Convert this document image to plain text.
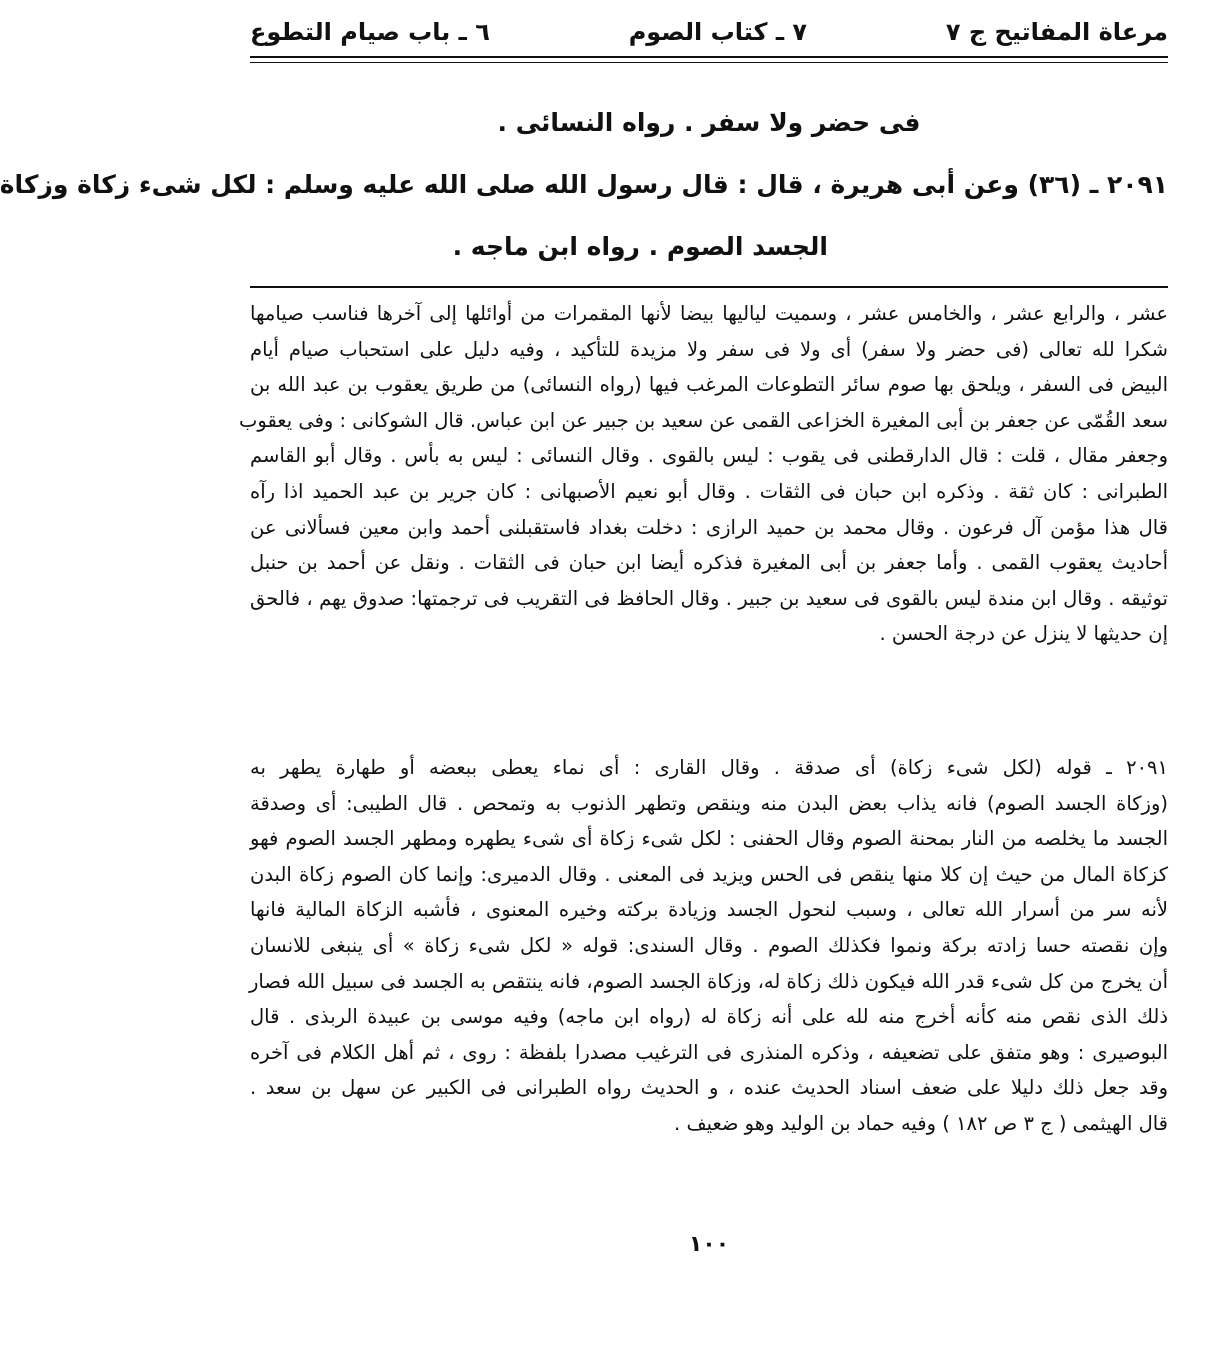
مرعاة المفاتيح ج ٧
٧ ـ كتاب الصوم
٦ ـ باب صيام التطوع
فى حضر ولا سفر . رواه النسائى .
٢٠٩١ ـ (٣٦) وعن أبى هريرة ، قال : قال رسول الله صلى الله عليه وسلم : لكل شىء زكاة وزكاة
الجسد الصوم . رواه ابن ماجه .
عشر ، والرابع عشر ، والخامس عشر ، وسميت لياليها بيضا لأنها المقمرات من أوائلها إلى آخرها فناسب صيامها
شكرا لله تعالى (فى حضر ولا سفر) أى ولا فى سفر ولا مزيدة للتأكيد ، وفيه دليل على استحباب صيام أيام
البيض فى السفر ، ويلحق بها صوم سائر التطوعات المرغب فيها (رواه النسائى) من طريق يعقوب بن عبد الله بن
سعد القُمّى عن جعفر بن أبى المغيرة الخزاعى القمى عن سعيد بن جبير عن ابن عباس. قال الشوكانى : وفى يعقوب
وجعفر مقال ، قلت : قال الدارقطنى فى يقوب : ليس بالقوى . وقال النسائى : ليس به بأس . وقال أبو القاسم
الطبرانى : كان ثقة . وذكره ابن حبان فى الثقات . وقال أبو نعيم الأصبهانى : كان جرير بن عبد الحميد اذا رآه
قال هذا مؤمن آل فرعون . وقال محمد بن حميد الرازى : دخلت بغداد فاستقبلنى أحمد وابن معين فسألانى عن
أحاديث يعقوب القمى . وأما جعفر بن أبى المغيرة فذكره أيضا ابن حبان فى الثقات . ونقل عن أحمد بن حنبل
توثيقه . وقال ابن مندة ليس بالقوى فى سعيد بن جبير . وقال الحافظ فى التقريب فى ترجمتها: صدوق يهم ، فالحق
إن حديثها لا ينزل عن درجة الحسن .
٢٠٩١ ـ قوله (لكل شىء زكاة) أى صدقة . وقال القارى : أى نماء يعطى ببعضه أو طهارة يطهر به
(وزكاة الجسد الصوم) فانه يذاب بعض البدن منه وينقص وتطهر الذنوب به وتمحص . قال الطيبى: أى وصدقة
الجسد ما يخلصه من النار بمحنة الصوم وقال الحفنى : لكل شىء زكاة أى شىء يطهره ومطهر الجسد الصوم فهو
كزكاة المال من حيث إن كلا منها ينقص فى الحس ويزيد فى المعنى . وقال الدميرى: وإنما كان الصوم زكاة البدن
لأنه سر من أسرار الله تعالى ، وسبب لنحول الجسد وزيادة بركته وخيره المعنوى ، فأشبه الزكاة المالية فانها
وإن نقصته حسا زادته بركة ونموا فكذلك الصوم . وقال السندى: قوله « لكل شىء زكاة » أى ينبغى للانسان
أن يخرج من كل شىء قدر الله فيكون ذلك زكاة له، وزكاة الجسد الصوم، فانه ينتقص به الجسد فى سبيل الله فصار
ذلك الذى نقص منه كأنه أخرج منه لله على أنه زكاة له (رواه ابن ماجه) وفيه موسى بن عبيدة الربذى . قال
البوصيرى : وهو متفق على تضعيفه ، وذكره المنذرى فى الترغيب مصدرا بلفظة : روى ، ثم أهل الكلام فى آخره
وقد جعل ذلك دليلا على ضعف اسناد الحديث عنده ، و الحديث رواه الطبرانى فى الكبير عن سهل بن سعد .
قال الهيثمى ( ج ٣ ص ١٨٢ ) وفيه حماد بن الوليد وهو ضعيف .
١٠٠
